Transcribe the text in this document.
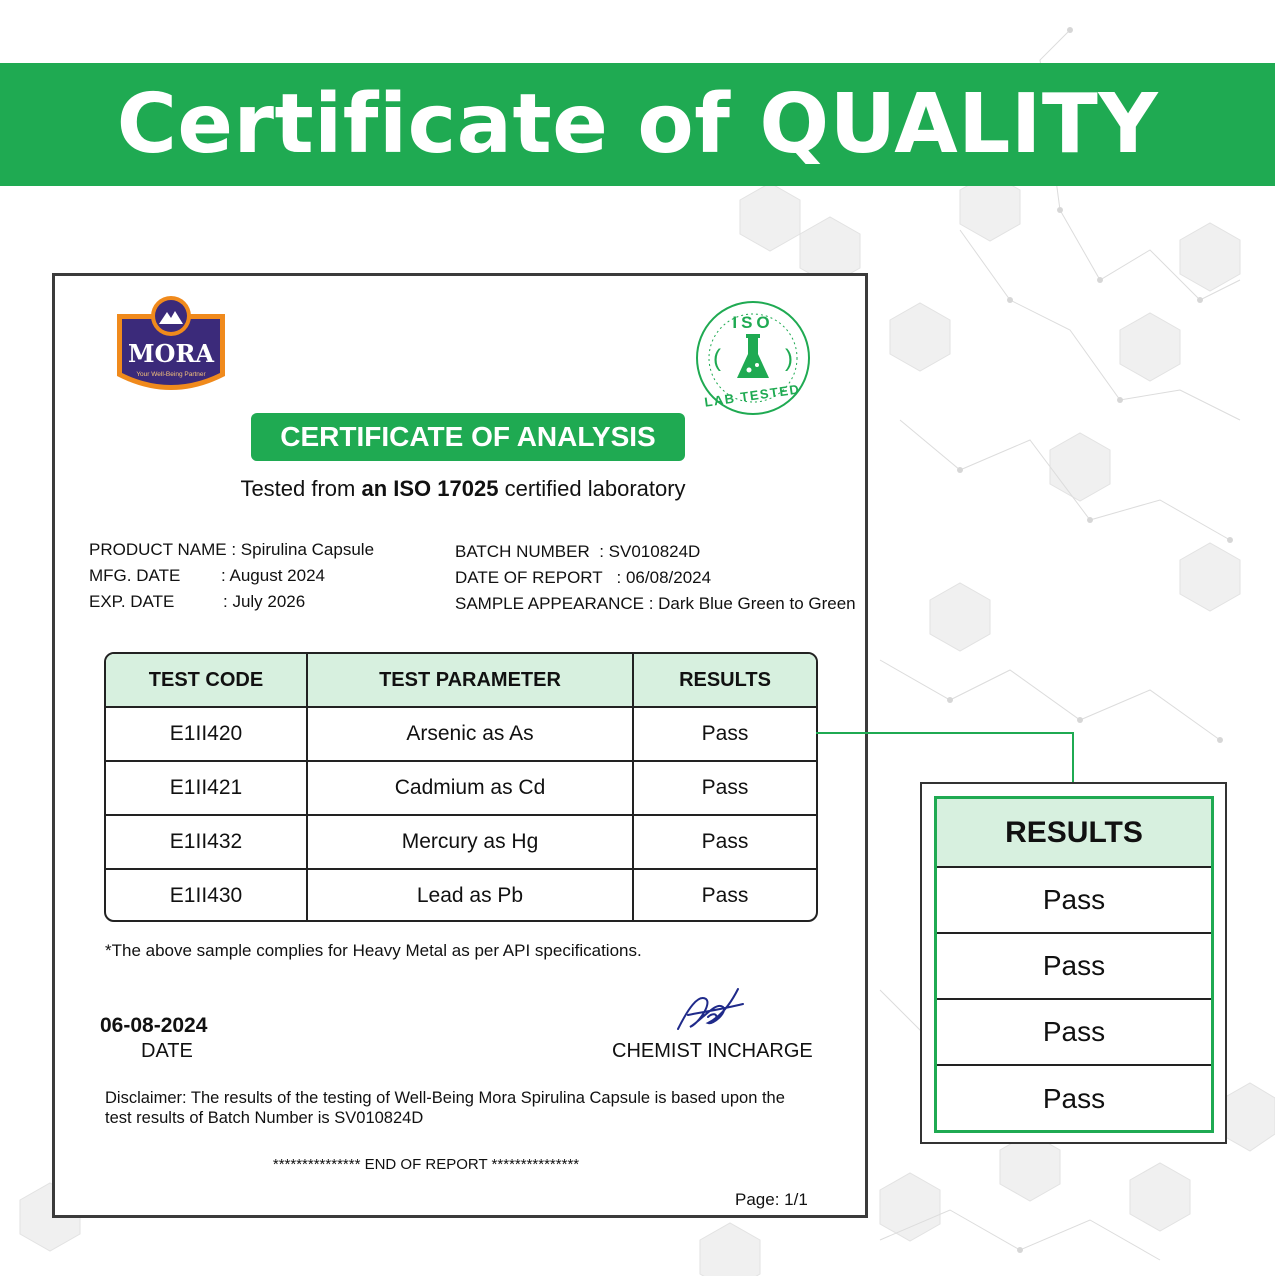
Certificate of QUALITY
MORA
Your Well-Being Partner
ISO
(	)
LAB TESTED
CERTIFICATE OF ANALYSIS
Tested from an ISO 17025 certified laboratory
PRODUCT NAME
: Spirulina Capsule
MFG. DATE	: August 2024
EXP. DATE	: July 2026
BATCH NUMBER : SV010824D
DATE OF REPORT : 06/08/2024
SAMPLE APPEARANCE : Dark Blue Green to Green
TEST CODE	TEST PARAMETER	RESULTS
E1II420	Arsenic as As	Pass
E1II421	Cadmium as Cd	Pass
E1II432	Mercury as Hg	Pass
E1II430	Lead as Pb	Pass
*The above sample complies for Heavy Metal as per API specifications.
06-08-2024
DATE	CHEMIST INCHARGE
Disclaimer: The results of the testing of Well-Being Mora Spirulina Capsule is based upon the test results of Batch Number is SV010824D
*************** END OF REPORT ***************
Page: 1/1
RESULTS
Pass
Pass
Pass
Pass
